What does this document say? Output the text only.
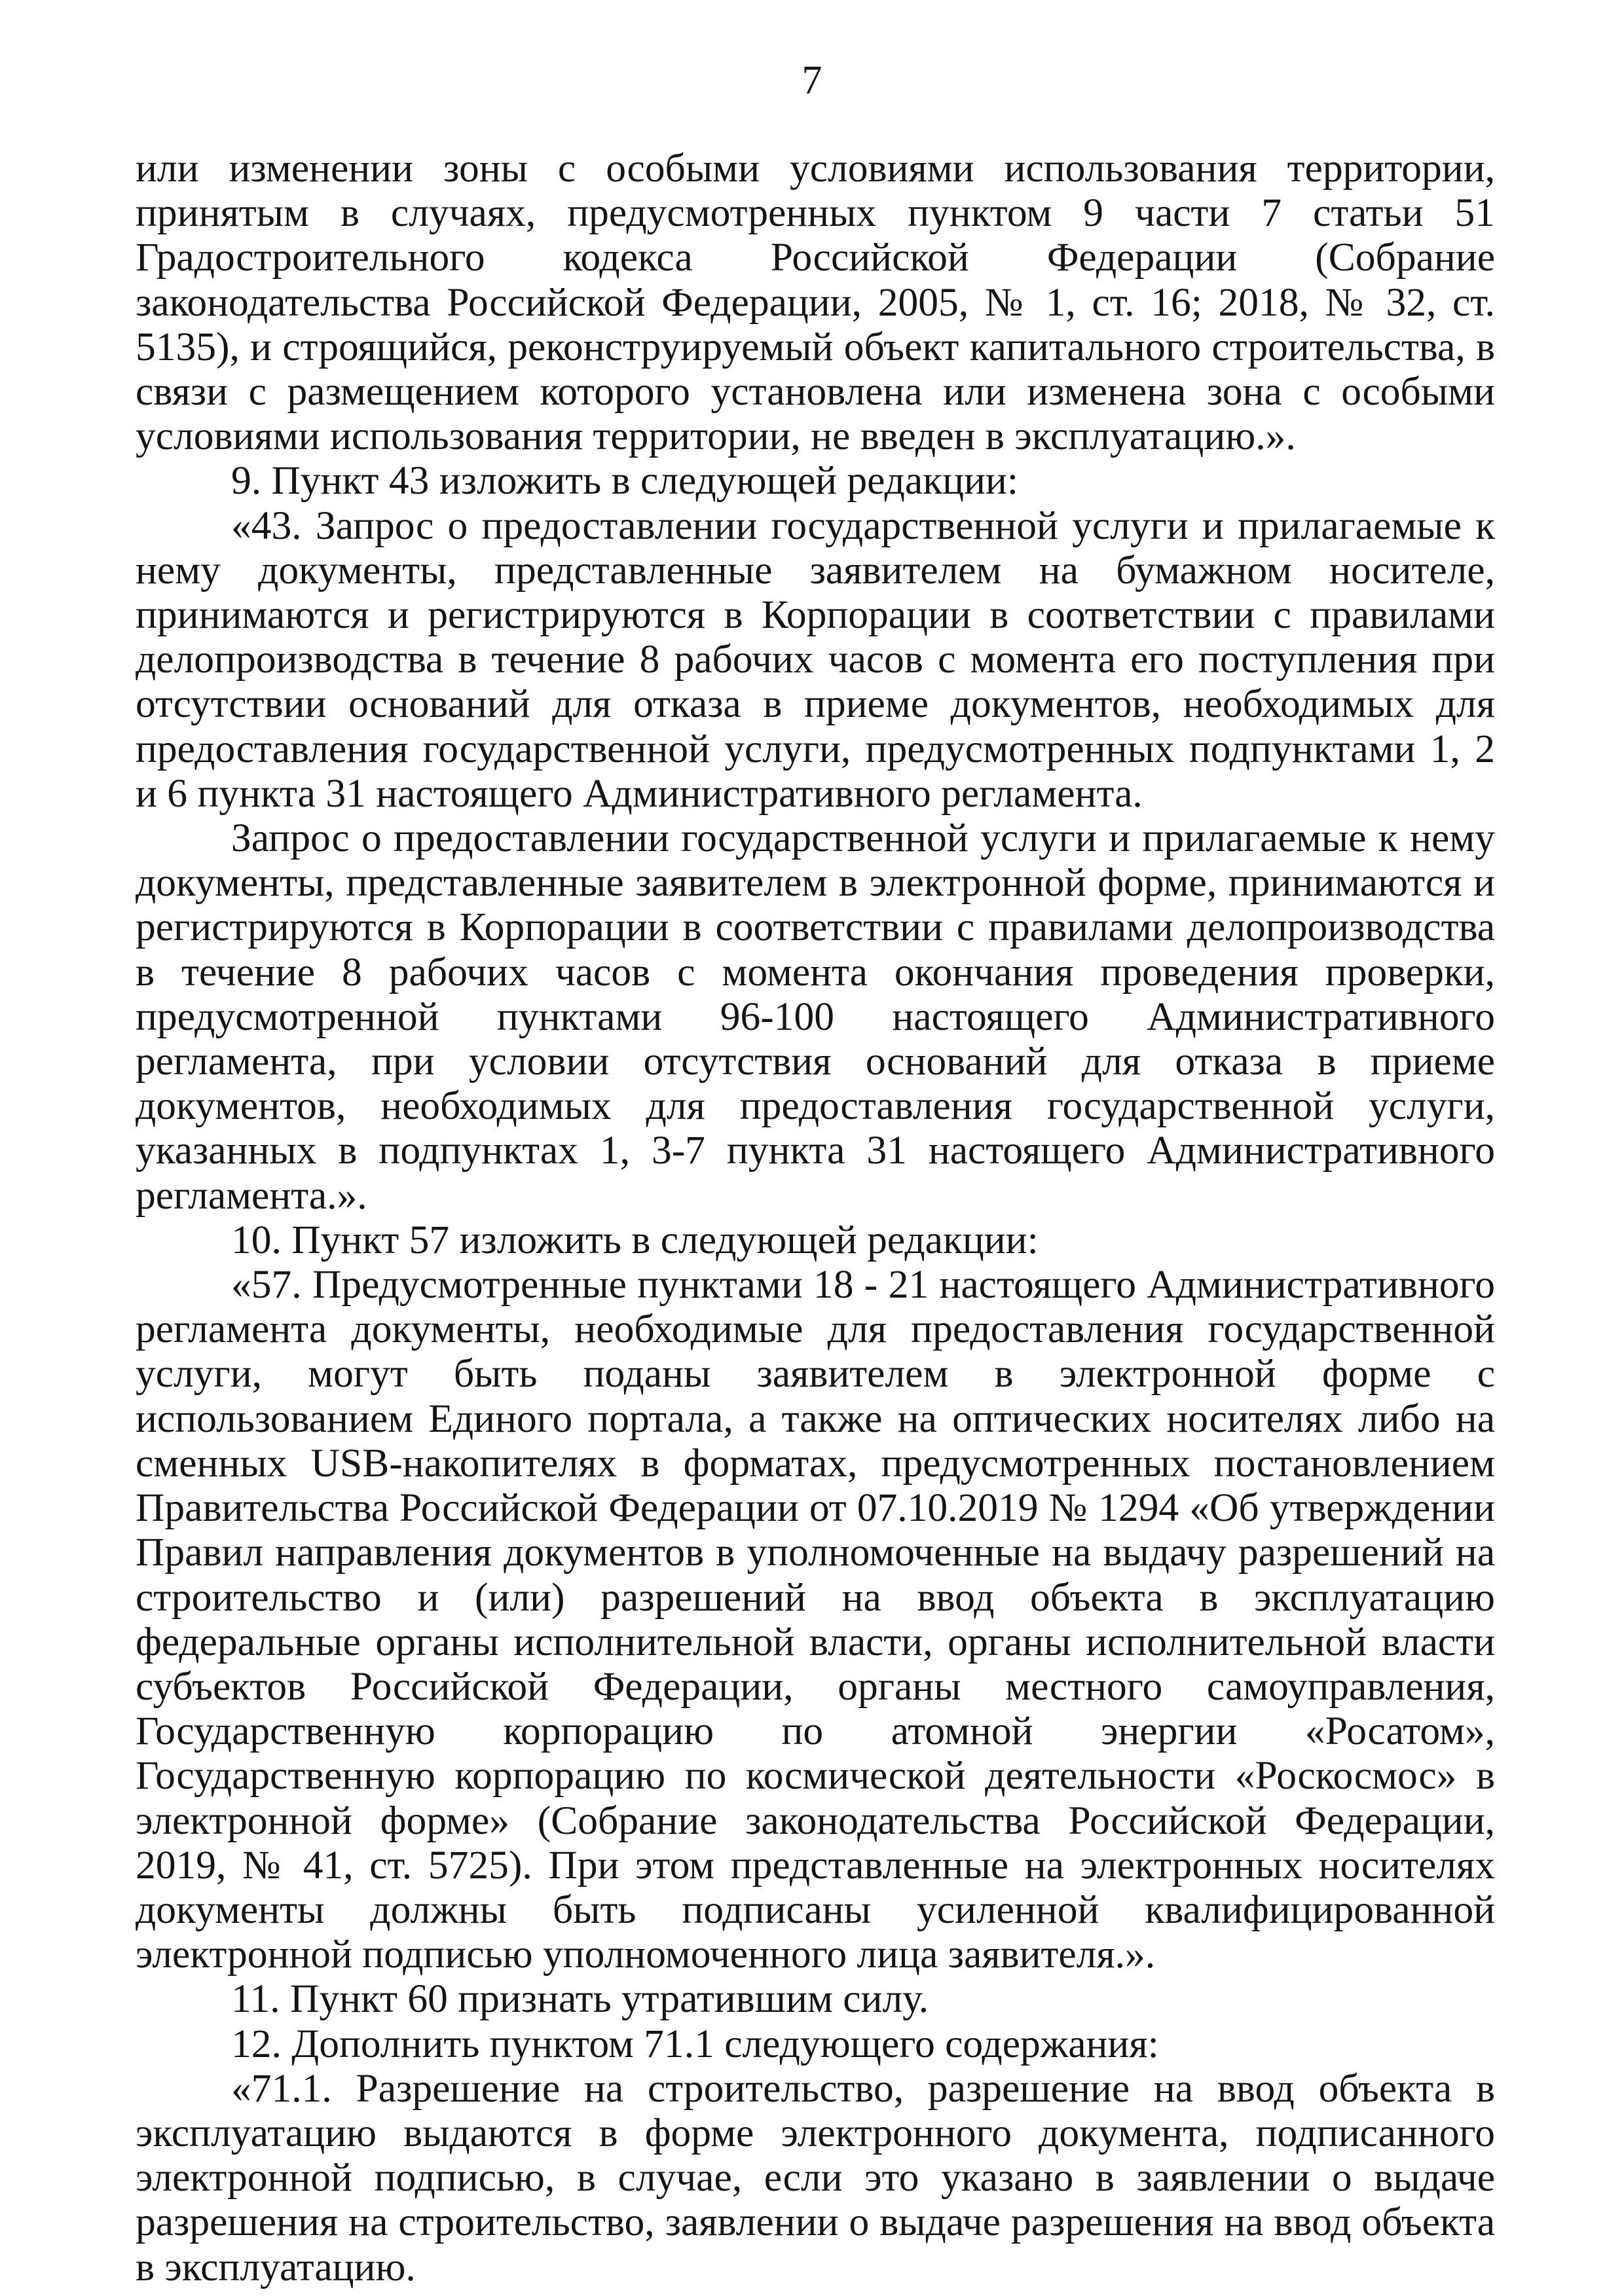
7

или изменении зоны с особыми условиями использования территории, принятым в случаях, предусмотренных пунктом 9 части 7 статьи 51 Градостроительного кодекса Российской Федерации (Собрание законодательства Российской Федерации, 2005, № 1, ст. 16; 2018, № 32, ст. 5135), и строящийся, реконструируемый объект капитального строительства, в связи с размещением которого установлена или изменена зона с особыми условиями использования территории, не введен в эксплуатацию.».

9. Пункт 43 изложить в следующей редакции:

«43. Запрос о предоставлении государственной услуги и прилагаемые к нему документы, представленные заявителем на бумажном носителе, принимаются и регистрируются в Корпорации в соответствии с правилами делопроизводства в течение 8 рабочих часов с момента его поступления при отсутствии оснований для отказа в приеме документов, необходимых для предоставления государственной услуги, предусмотренных подпунктами 1, 2 и 6 пункта 31 настоящего Административного регламента.

Запрос о предоставлении государственной услуги и прилагаемые к нему документы, представленные заявителем в электронной форме, принимаются и регистрируются в Корпорации в соответствии с правилами делопроизводства в течение 8 рабочих часов с момента окончания проведения проверки, предусмотренной пунктами 96-100 настоящего Административного регламента, при условии отсутствия оснований для отказа в приеме документов, необходимых для предоставления государственной услуги, указанных в подпунктах 1, 3-7 пункта 31 настоящего Административного регламента.».

10. Пункт 57 изложить в следующей редакции:

«57. Предусмотренные пунктами 18 - 21 настоящего Административного регламента документы, необходимые для предоставления государственной услуги, могут быть поданы заявителем в электронной форме с использованием Единого портала, а также на оптических носителях либо на сменных USB-накопителях в форматах, предусмотренных постановлением Правительства Российской Федерации от 07.10.2019 № 1294 «Об утверждении Правил направления документов в уполномоченные на выдачу разрешений на строительство и (или) разрешений на ввод объекта в эксплуатацию федеральные органы исполнительной власти, органы исполнительной власти субъектов Российской Федерации, органы местного самоуправления, Государственную корпорацию по атомной энергии «Росатом», Государственную корпорацию по космической деятельности «Роскосмос» в электронной форме» (Собрание законодательства Российской Федерации, 2019, № 41, ст. 5725). При этом представленные на электронных носителях документы должны быть подписаны усиленной квалифицированной электронной подписью уполномоченного лица заявителя.».

11. Пункт 60 признать утратившим силу.

12. Дополнить пунктом 71.1 следующего содержания:

«71.1. Разрешение на строительство, разрешение на ввод объекта в эксплуатацию выдаются в форме электронного документа, подписанного электронной подписью, в случае, если это указано в заявлении о выдаче разрешения на строительство, заявлении о выдаче разрешения на ввод объекта в эксплуатацию.
